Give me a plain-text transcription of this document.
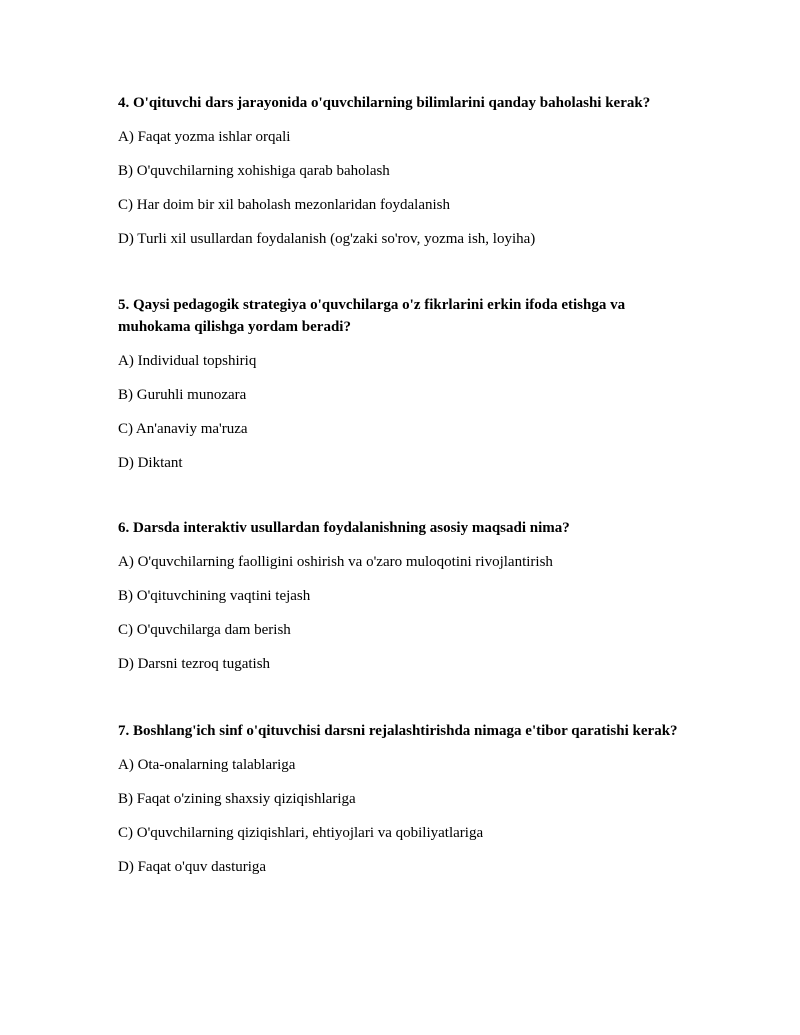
4. O'qituvchi dars jarayonida o'quvchilarning bilimlarini qanday baholashi kerak?

A) Faqat yozma ishlar orqali

B) O'quvchilarning xohishiga qarab baholash

C) Har doim bir xil baholash mezonlaridan foydalanish

D) Turli xil usullardan foydalanish (og'zaki so'rov, yozma ish, loyiha)

5. Qaysi pedagogik strategiya o'quvchilarga o'z fikrlarini erkin ifoda etishga va muhokama qilishga yordam beradi?

A) Individual topshiriq

B) Guruhli munozara

C) An'anaviy ma'ruza

D) Diktant

6. Darsda interaktiv usullardan foydalanishning asosiy maqsadi nima?

A) O'quvchilarning faolligini oshirish va o'zaro muloqotini rivojlantirish

B) O'qituvchining vaqtini tejash

C) O'quvchilarga dam berish

D) Darsni tezroq tugatish

7. Boshlang'ich sinf o'qituvchisi darsni rejalashtirishda nimaga e'tibor qaratishi kerak?

A) Ota-onalarning talablariga

B) Faqat o'zining shaxsiy qiziqishlariga

C) O'quvchilarning qiziqishlari, ehtiyojlari va qobiliyatlariga

D) Faqat o'quv dasturiga
